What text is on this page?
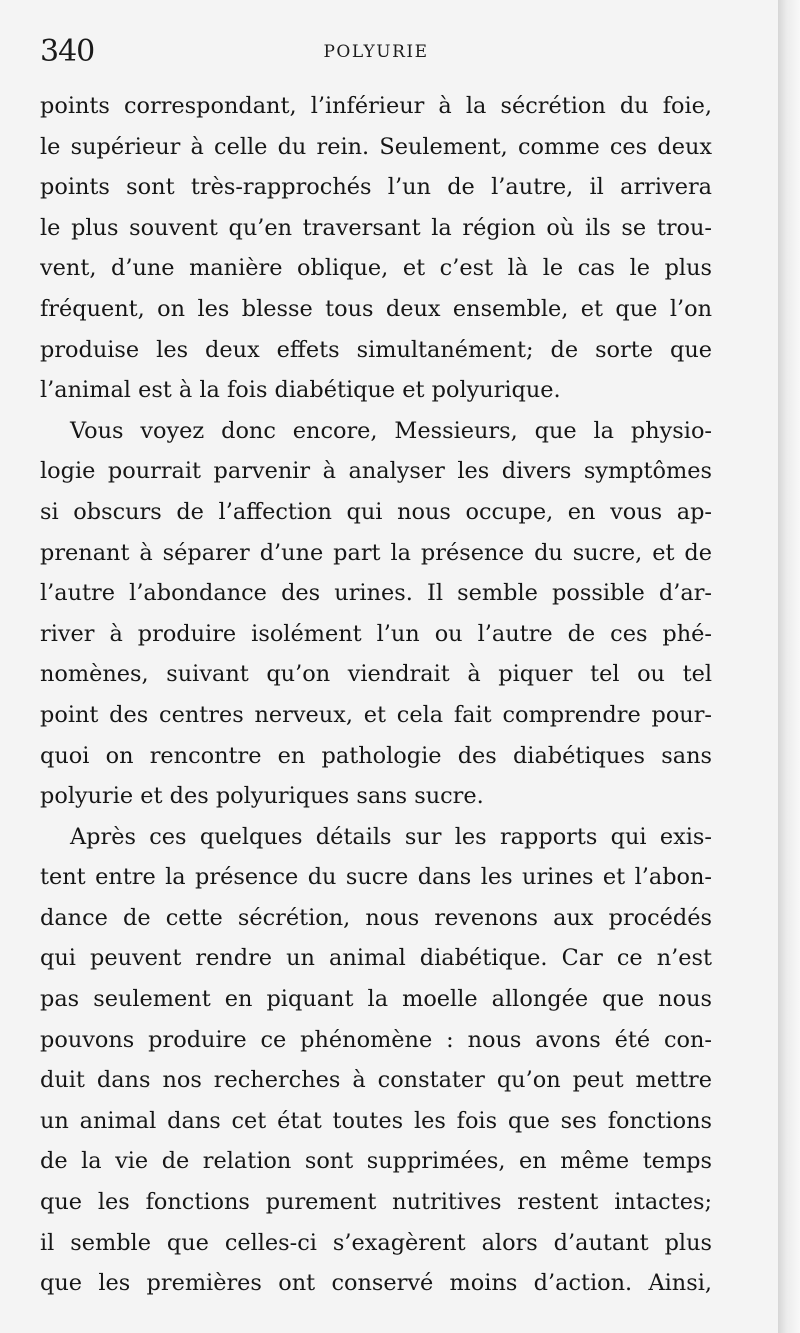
340	POLYURIE
points correspondant, l’inférieur à la sécrétion du foie,
le supérieur à celle du rein. Seulement, comme ces deux
points sont très-rapprochés l’un de l’autre, il arrivera
le plus souvent qu’en traversant la région où ils se trou-
vent, d’une manière oblique, et c’est là le cas le plus
fréquent, on les blesse tous deux ensemble, et que l’on
produise les deux effets simultanément; de sorte que
l’animal est à la fois diabétique et polyurique.
Vous voyez donc encore, Messieurs, que la physio-
logie pourrait parvenir à analyser les divers symptômes
si obscurs de l’affection qui nous occupe, en vous ap-
prenant à séparer d’une part la présence du sucre, et de
l’autre l’abondance des urines. Il semble possible d’ar-
river à produire isolément l’un ou l’autre de ces phé-
nomènes, suivant qu’on viendrait à piquer tel ou tel
point des centres nerveux, et cela fait comprendre pour-
quoi on rencontre en pathologie des diabétiques sans
polyurie et des polyuriques sans sucre.
Après ces quelques détails sur les rapports qui exis-
tent entre la présence du sucre dans les urines et l’abon-
dance de cette sécrétion, nous revenons aux procédés
qui peuvent rendre un animal diabétique. Car ce n’est
pas seulement en piquant la moelle allongée que nous
pouvons produire ce phénomène : nous avons été con-
duit dans nos recherches à constater qu’on peut mettre
un animal dans cet état toutes les fois que ses fonctions
de la vie de relation sont supprimées, en même temps
que les fonctions purement nutritives restent intactes;
il semble que celles-ci s’exagèrent alors d’autant plus
que les premières ont conservé moins d’action. Ainsi,
